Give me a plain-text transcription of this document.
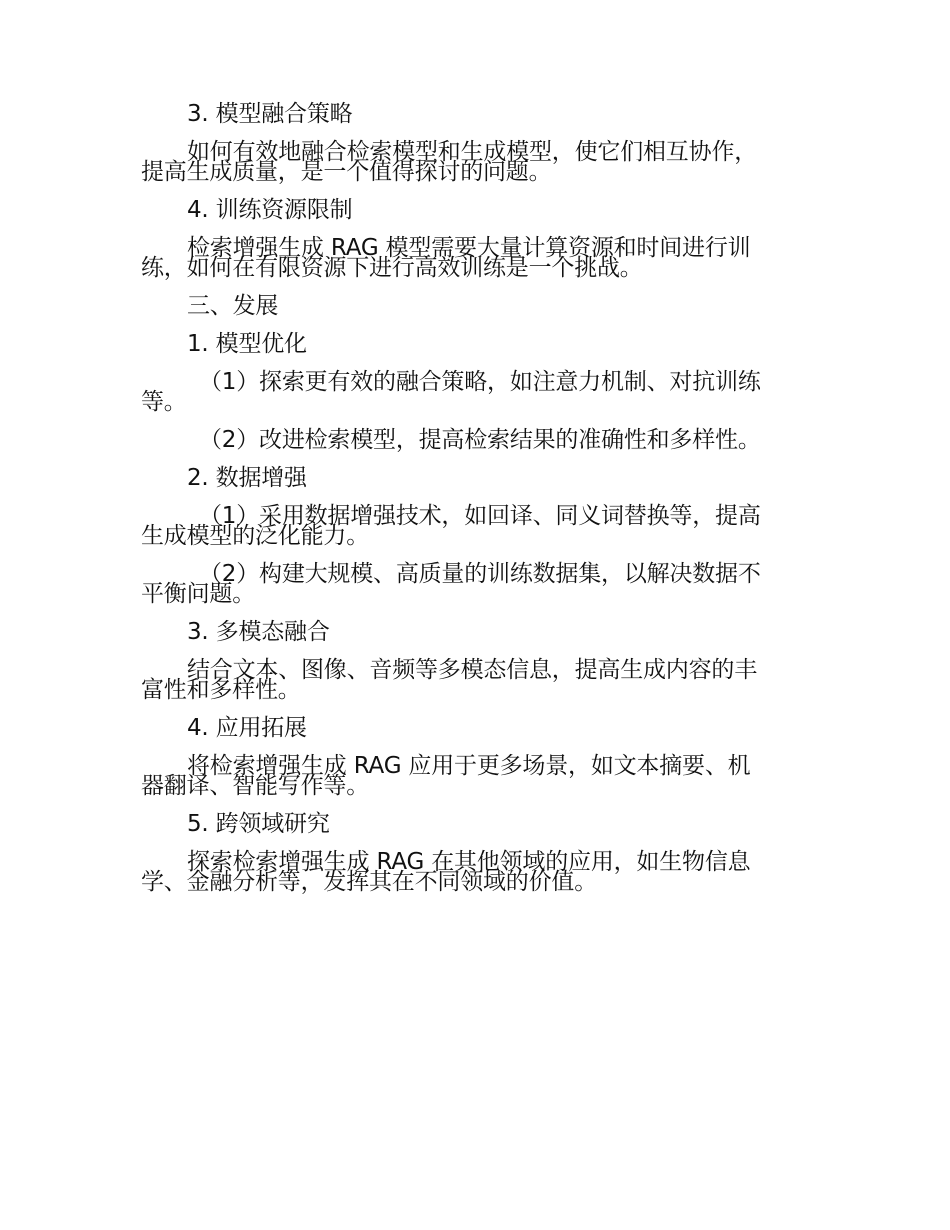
3. 模型融合策略
如何有效地融合检索模型和生成模型，使它们相互协作，
提高生成质量，是一个值得探讨的问题。
4. 训练资源限制
检索增强生成 RAG 模型需要大量计算资源和时间进行训
练，如何在有限资源下进行高效训练是一个挑战。
三、发展
1. 模型优化
（1）探索更有效的融合策略，如注意力机制、对抗训练
等。
（2）改进检索模型，提高检索结果的准确性和多样性。
2. 数据增强
（1）采用数据增强技术，如回译、同义词替换等，提高
生成模型的泛化能力。
（2）构建大规模、高质量的训练数据集，以解决数据不
平衡问题。
3. 多模态融合
结合文本、图像、音频等多模态信息，提高生成内容的丰
富性和多样性。
4. 应用拓展
将检索增强生成 RAG 应用于更多场景，如文本摘要、机
器翻译、智能写作等。
5. 跨领域研究
探索检索增强生成 RAG 在其他领域的应用，如生物信息
学、金融分析等，发挥其在不同领域的价值。
